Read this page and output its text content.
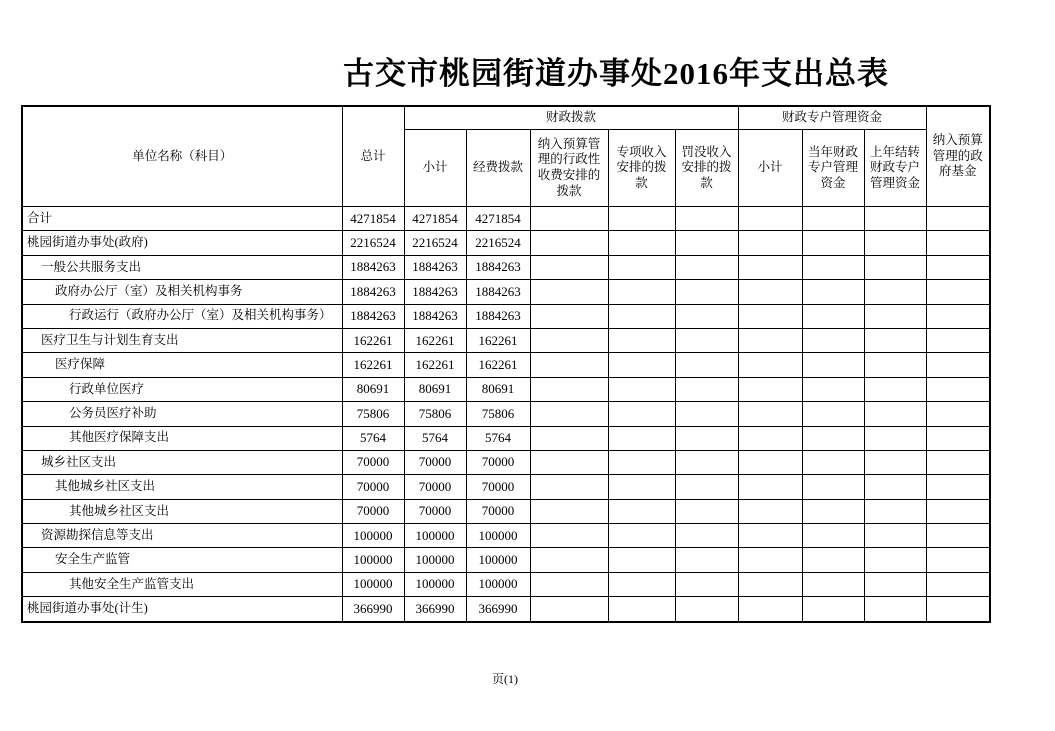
古交市桃园街道办事处2016年支出总表
单位名称（科目）	总计	财政拨款					财政专户管理资金			纳入预算管理的政府基金
		小计	经费拨款	纳入预算管理的行政性收费安排的拨款	专项收入安排的拨款	罚没收入安排的拨款	小计	当年财政专户管理资金	上年结转财政专户管理资金	
合计	4271854	4271854	4271854							
桃园街道办事处(政府)	2216524	2216524	2216524							
一般公共服务支出	1884263	1884263	1884263							
政府办公厅（室）及相关机构事务	1884263	1884263	1884263							
行政运行（政府办公厅（室）及相关机构事务）	1884263	1884263	1884263							
医疗卫生与计划生育支出	162261	162261	162261							
医疗保障	162261	162261	162261							
行政单位医疗	80691	80691	80691							
公务员医疗补助	75806	75806	75806							
其他医疗保障支出	5764	5764	5764							
城乡社区支出	70000	70000	70000							
其他城乡社区支出	70000	70000	70000							
其他城乡社区支出	70000	70000	70000							
资源勘探信息等支出	100000	100000	100000							
安全生产监管	100000	100000	100000							
其他安全生产监管支出	100000	100000	100000							
桃园街道办事处(计生)	366990	366990	366990							
页(1)
